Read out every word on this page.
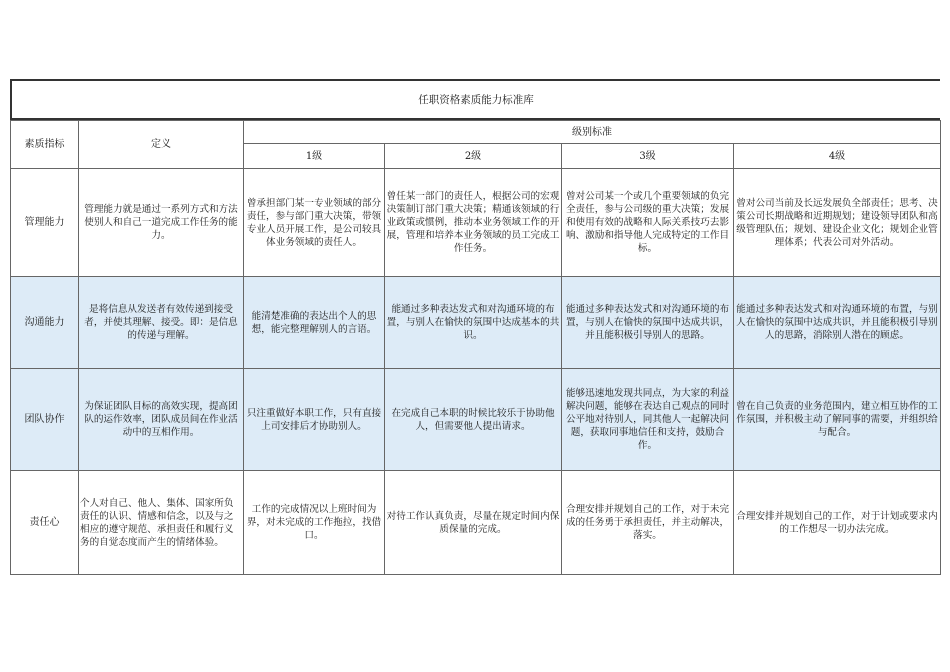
任职资格素质能力标准库
素质指标	定义	级别标准			
		1级	2级	3级	4级
管理能力	管理能力就是通过一系列方式和方法使别人和自己一道完成工作任务的能力。	曾承担部门某一专业领域的部分责任，参与部门重大决策，带领专业人员开展工作，是公司较具体业务领域的责任人。	曾任某一部门的责任人，根据公司的宏观决策制订部门重大决策；精通该领域的行业政策或惯例，推动本业务领域工作的开展，管理和培养本业务领域的员工完成工作任务。	曾对公司某一个或几个重要领域的负完全责任，参与公司级的重大决策；发展和使用有效的战略和人际关系技巧去影响、激励和指导他人完成特定的工作目标。	曾对公司当前及长远发展负全部责任；思考、决策公司长期战略和近期规划；建设领导团队和高级管理队伍；规划、建设企业文化；规划企业管理体系；代表公司对外活动。
沟通能力	是将信息从发送者有效传递到接受者，并使其理解、接受。即：是信息的传递与理解。	能清楚准确的表达出个人的思想，能完整理解别人的言语。	能通过多种表达发式和对沟通环境的布置，与别人在愉快的氛围中达成基本的共识。	能通过多种表达发式和对沟通环境的布置，与别人在愉快的氛围中达成共识，并且能积极引导别人的思路。	能通过多种表达发式和对沟通环境的布置，与别人在愉快的氛围中达成共识，并且能积极引导别人的思路，消除别人潜在的顾虑。
团队协作	为保证团队目标的高效实现，提高团队的运作效率，团队成员间在作业活动中的互相作用。	只注重做好本职工作，只有直接上司安排后才协助别人。	在完成自己本职的时候比较乐于协助他人，但需要他人提出请求。	能够迅速地发现共同点，为大家的利益解决问题，能够在表达自己观点的同时公平地对待别人，同其他人一起解决问题，获取同事地信任和支持，鼓励合作。	曾在自己负责的业务范围内，建立相互协作的工作氛围，并积极主动了解同事的需要，并组织给与配合。
责任心	个人对自己、他人、集体、国家所负责任的认识、情感和信念，以及与之相应的遵守规范、承担责任和履行义务的自觉态度而产生的情绪体验。	工作的完成情况以上班时间为界，对未完成的工作拖拉，找借口。	对待工作认真负责，尽量在规定时间内保质保量的完成。	合理安排并规划自己的工作，对于未完成的任务勇于承担责任，并主动解决，落实。	合理安排并规划自己的工作，对于计划或要求内的工作想尽一切办法完成。
